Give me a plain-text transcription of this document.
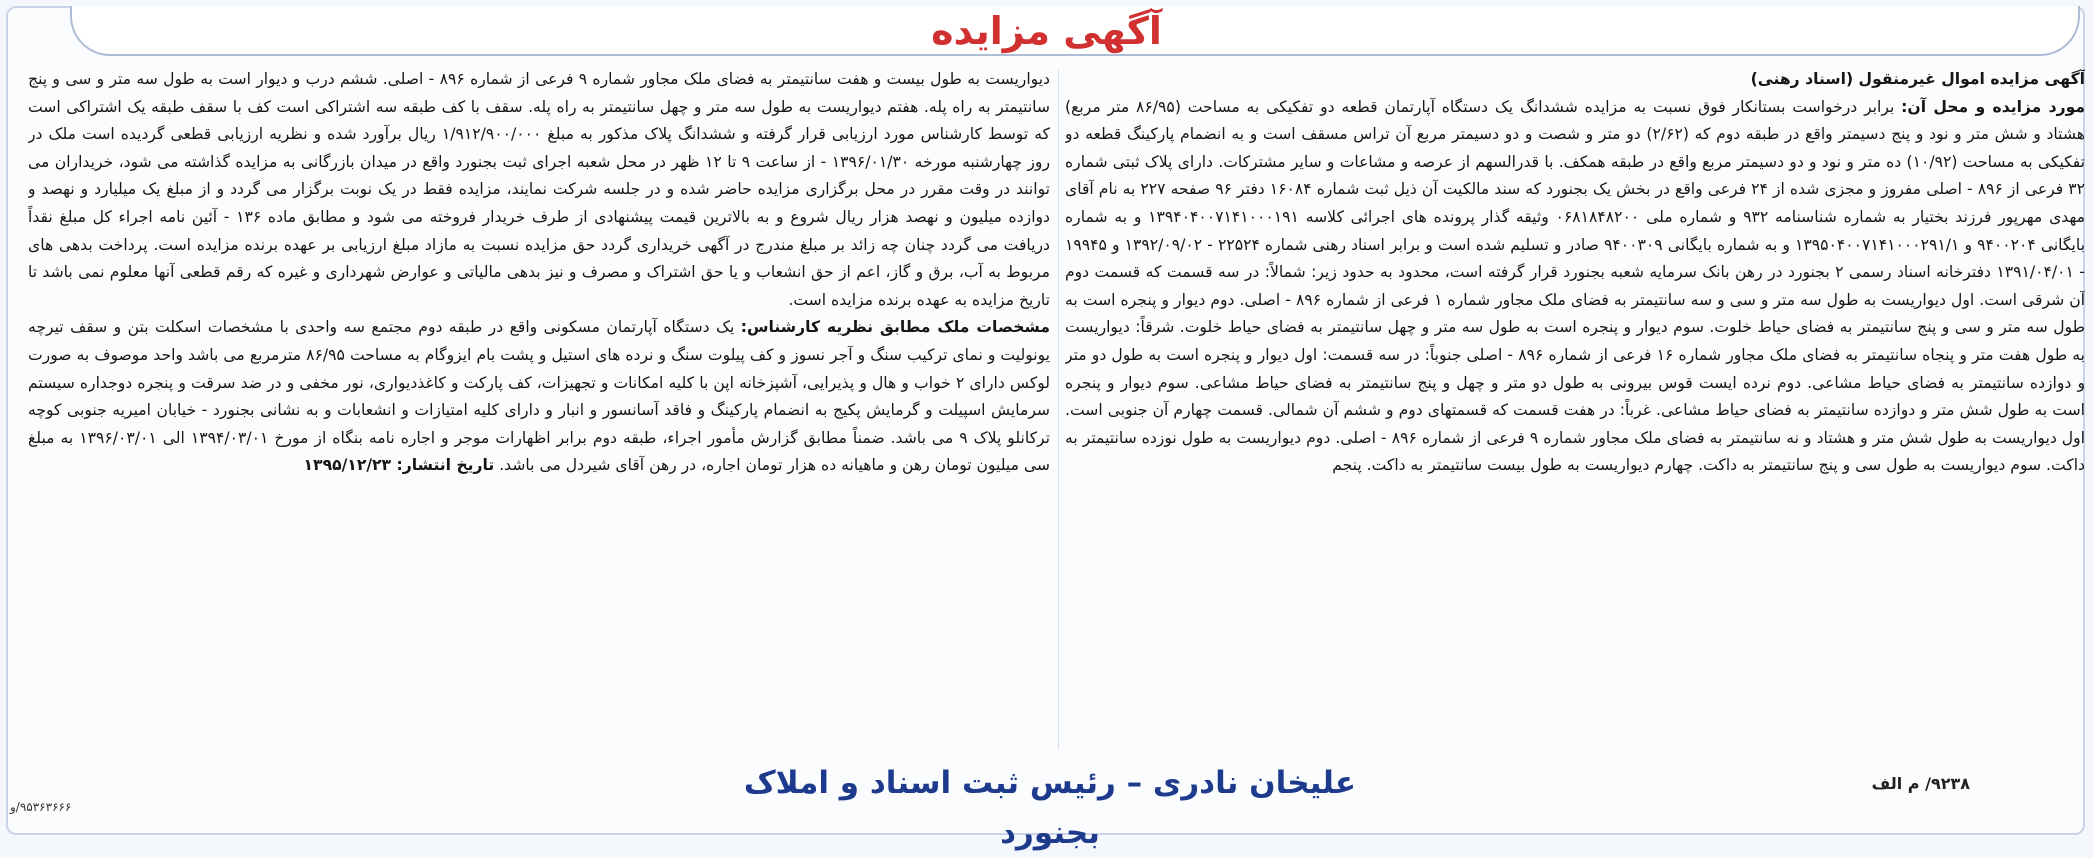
آگهی مزایده

آگهی مزایده اموال غیرمنقول (اسناد رهنی)

مورد مزایده و محل آن: برابر درخواست بستانکار فوق نسبت به مزایده ششدانگ یک دستگاه آپارتمان قطعه دو تفکیکی به مساحت (۸۶/۹۵ متر مربع) هشتاد و شش متر و نود و پنج دسیمتر واقع در طبقه دوم که (۲/۶۲) دو متر و شصت و دو دسیمتر مربع آن تراس مسقف است و به انضمام پارکینگ قطعه دو تفکیکی به مساحت (۱۰/۹۲) ده متر و نود و دو دسیمتر مربع واقع در طبقه همکف. با قدرالسهم از عرصه و مشاعات و سایر مشترکات. دارای پلاک ثبتی شماره ۳۲ فرعی از ۸۹۶ - اصلی مفروز و مجزی شده از ۲۴ فرعی واقع در بخش یک بجنورد که سند مالکیت آن ذیل ثبت شماره ۱۶۰۸۴ دفتر ۹۶ صفحه ۲۲۷ به نام آقای مهدی مهرپور فرزند بختیار به شماره شناسنامه ۹۳۲ و شماره ملی ۰۶۸۱۸۴۸۲۰۰ وثیقه گذار پرونده های اجرائی کلاسه ۱۳۹۴۰۴۰۰۷۱۴۱۰۰۰۱۹۱ و به شماره بایگانی ۹۴۰۰۲۰۴ و ۱۳۹۵۰۴۰۰۷۱۴۱۰۰۰۲۹۱/۱ و به شماره بایگانی ۹۴۰۰۳۰۹ صادر و تسلیم شده است و برابر اسناد رهنی شماره ۲۲۵۲۴ - ۱۳۹۲/۰۹/۰۲ و ۱۹۹۴۵ - ۱۳۹۱/۰۴/۰۱ دفترخانه اسناد رسمی ۲ بجنورد در رهن بانک سرمایه شعبه بجنورد قرار گرفته است، محدود به حدود زیر: شمالاً: در سه قسمت که قسمت دوم آن شرقی است. اول دیواریست به طول سه متر و سی و سه سانتیمتر به فضای ملک مجاور شماره ۱ فرعی از شماره ۸۹۶ - اصلی. دوم دیوار و پنجره است به طول سه متر و سی و پنج سانتیمتر به فضای حیاط خلوت. سوم دیوار و پنجره است به طول سه متر و چهل سانتیمتر به فضای حیاط خلوت. شرقاً: دیواریست به طول هفت متر و پنجاه سانتیمتر به فضای ملک مجاور شماره ۱۶ فرعی از شماره ۸۹۶ - اصلی جنوباً: در سه قسمت: اول دیوار و پنجره است به طول دو متر و دوازده سانتیمتر به فضای حیاط مشاعی. دوم نرده ایست قوس بیرونی به طول دو متر و چهل و پنج سانتیمتر به فضای حیاط مشاعی. سوم دیوار و پنجره است به طول شش متر و دوازده سانتیمتر به فضای حیاط مشاعی. غرباً: در هفت قسمت که قسمتهای دوم و ششم آن شمالی. قسمت چهارم آن جنوبی است. اول دیواریست به طول شش متر و هشتاد و نه سانتیمتر به فضای ملک مجاور شماره ۹ فرعی از شماره ۸۹۶ - اصلی. دوم دیواریست به طول نوزده سانتیمتر به داکت. سوم دیواریست به طول سی و پنج سانتیمتر به داکت. چهارم دیواریست به طول بیست سانتیمتر به داکت. پنجم

دیواریست به طول بیست و هفت سانتیمتر به فضای ملک مجاور شماره ۹ فرعی از شماره ۸۹۶ - اصلی. ششم درب و دیوار است به طول سه متر و سی و پنج سانتیمتر به راه پله. هفتم دیواریست به طول سه متر و چهل سانتیمتر به راه پله. سقف با کف طبقه سه اشتراکی است کف با سقف طبقه یک اشتراکی است که توسط کارشناس مورد ارزیابی قرار گرفته و ششدانگ پلاک مذکور به مبلغ ۱/۹۱۲/۹۰۰/۰۰۰ ریال برآورد شده و نظریه ارزیابی قطعی گردیده است ملک در روز چهارشنبه مورخه ۱۳۹۶/۰۱/۳۰ - از ساعت ۹ تا ۱۲ ظهر در محل شعبه اجرای ثبت بجنورد واقع در میدان بازرگانی به مزایده گذاشته می شود، خریداران می توانند در وقت مقرر در محل برگزاری مزایده حاضر شده و در جلسه شرکت نمایند، مزایده فقط در یک نوبت برگزار می گردد و از مبلغ یک میلیارد و نهصد و دوازده میلیون و نهصد هزار ریال شروع و به بالاترین قیمت پیشنهادی از طرف خریدار فروخته می شود و مطابق ماده ۱۳۶ - آئین نامه اجراء کل مبلغ نقداً دریافت می گردد چنان چه زائد بر مبلغ مندرج در آگهی خریداری گردد حق مزایده نسبت به مازاد مبلغ ارزیابی بر عهده برنده مزایده است. پرداخت بدهی های مربوط به آب، برق و گاز، اعم از حق انشعاب و یا حق اشتراک و مصرف و نیز بدهی مالیاتی و عوارض شهرداری و غیره که رقم قطعی آنها معلوم نمی باشد تا تاریخ مزایده به عهده برنده مزایده است.

مشخصات ملک مطابق نظریه کارشناس: یک دستگاه آپارتمان مسکونی واقع در طبقه دوم مجتمع سه واحدی با مشخصات اسکلت بتن و سقف تیرچه یونولیت و نمای ترکیب سنگ و آجر نسوز و کف پیلوت سنگ و نرده های استیل و پشت بام ایزوگام به مساحت ۸۶/۹۵ مترمربع می باشد واحد موصوف به صورت لوکس دارای ۲ خواب و هال و پذیرایی، آشپزخانه اپن با کلیه امکانات و تجهیزات، کف پارکت و کاغذدیواری، نور مخفی و در ضد سرقت و پنجره دوجداره سیستم سرمایش اسپیلت و گرمایش پکیج به انضمام پارکینگ و فاقد آسانسور و انبار و دارای کلیه امتیازات و انشعابات و به نشانی بجنورد - خیابان امیریه جنوبی کوچه ترکانلو پلاک ۹ می باشد. ضمناً مطابق گزارش مأمور اجراء، طبقه دوم برابر اظهارات موجر و اجاره نامه بنگاه از مورخ ۱۳۹۴/۰۳/۰۱ الی ۱۳۹۶/۰۳/۰۱ به مبلغ سی میلیون تومان رهن و ماهیانه ده هزار تومان اجاره، در رهن آقای شیردل می باشد. تاریخ انتشار: ۱۳۹۵/۱۲/۲۳

علیخان نادری – رئیس ثبت اسناد و املاک بجنورد
۹۲۳۸/ م الف
۹۵۳۶۳۶۶۶/و
